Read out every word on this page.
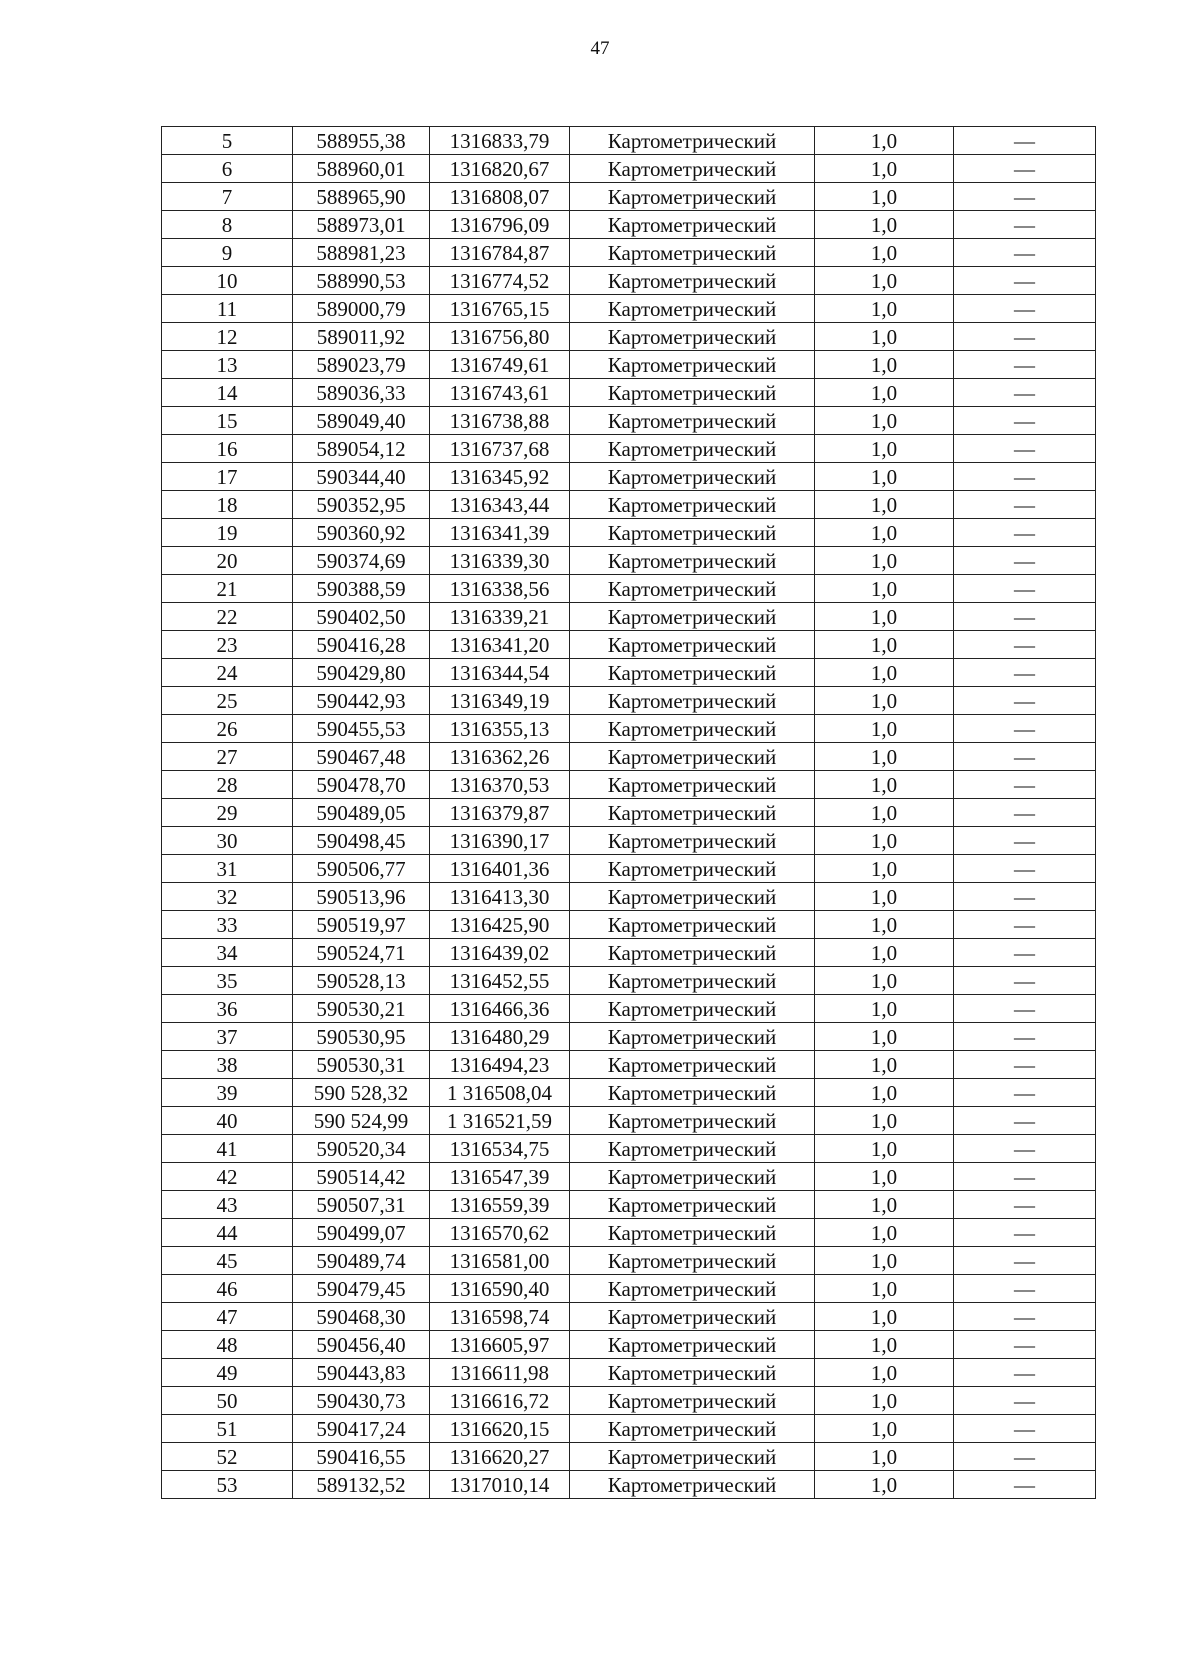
47
5	588955,38	1316833,79	Картометрический	1,0	—
6	588960,01	1316820,67	Картометрический	1,0	—
7	588965,90	1316808,07	Картометрический	1,0	—
8	588973,01	1316796,09	Картометрический	1,0	—
9	588981,23	1316784,87	Картометрический	1,0	—
10	588990,53	1316774,52	Картометрический	1,0	—
11	589000,79	1316765,15	Картометрический	1,0	—
12	589011,92	1316756,80	Картометрический	1,0	—
13	589023,79	1316749,61	Картометрический	1,0	—
14	589036,33	1316743,61	Картометрический	1,0	—
15	589049,40	1316738,88	Картометрический	1,0	—
16	589054,12	1316737,68	Картометрический	1,0	—
17	590344,40	1316345,92	Картометрический	1,0	—
18	590352,95	1316343,44	Картометрический	1,0	—
19	590360,92	1316341,39	Картометрический	1,0	—
20	590374,69	1316339,30	Картометрический	1,0	—
21	590388,59	1316338,56	Картометрический	1,0	—
22	590402,50	1316339,21	Картометрический	1,0	—
23	590416,28	1316341,20	Картометрический	1,0	—
24	590429,80	1316344,54	Картометрический	1,0	—
25	590442,93	1316349,19	Картометрический	1,0	—
26	590455,53	1316355,13	Картометрический	1,0	—
27	590467,48	1316362,26	Картометрический	1,0	—
28	590478,70	1316370,53	Картометрический	1,0	—
29	590489,05	1316379,87	Картометрический	1,0	—
30	590498,45	1316390,17	Картометрический	1,0	—
31	590506,77	1316401,36	Картометрический	1,0	—
32	590513,96	1316413,30	Картометрический	1,0	—
33	590519,97	1316425,90	Картометрический	1,0	—
34	590524,71	1316439,02	Картометрический	1,0	—
35	590528,13	1316452,55	Картометрический	1,0	—
36	590530,21	1316466,36	Картометрический	1,0	—
37	590530,95	1316480,29	Картометрический	1,0	—
38	590530,31	1316494,23	Картометрический	1,0	—
39	590 528,32	1 316508,04	Картометрический	1,0	—
40	590 524,99	1 316521,59	Картометрический	1,0	—
41	590520,34	1316534,75	Картометрический	1,0	—
42	590514,42	1316547,39	Картометрический	1,0	—
43	590507,31	1316559,39	Картометрический	1,0	—
44	590499,07	1316570,62	Картометрический	1,0	—
45	590489,74	1316581,00	Картометрический	1,0	—
46	590479,45	1316590,40	Картометрический	1,0	—
47	590468,30	1316598,74	Картометрический	1,0	—
48	590456,40	1316605,97	Картометрический	1,0	—
49	590443,83	1316611,98	Картометрический	1,0	—
50	590430,73	1316616,72	Картометрический	1,0	—
51	590417,24	1316620,15	Картометрический	1,0	—
52	590416,55	1316620,27	Картометрический	1,0	—
53	589132,52	1317010,14	Картометрический	1,0	—
